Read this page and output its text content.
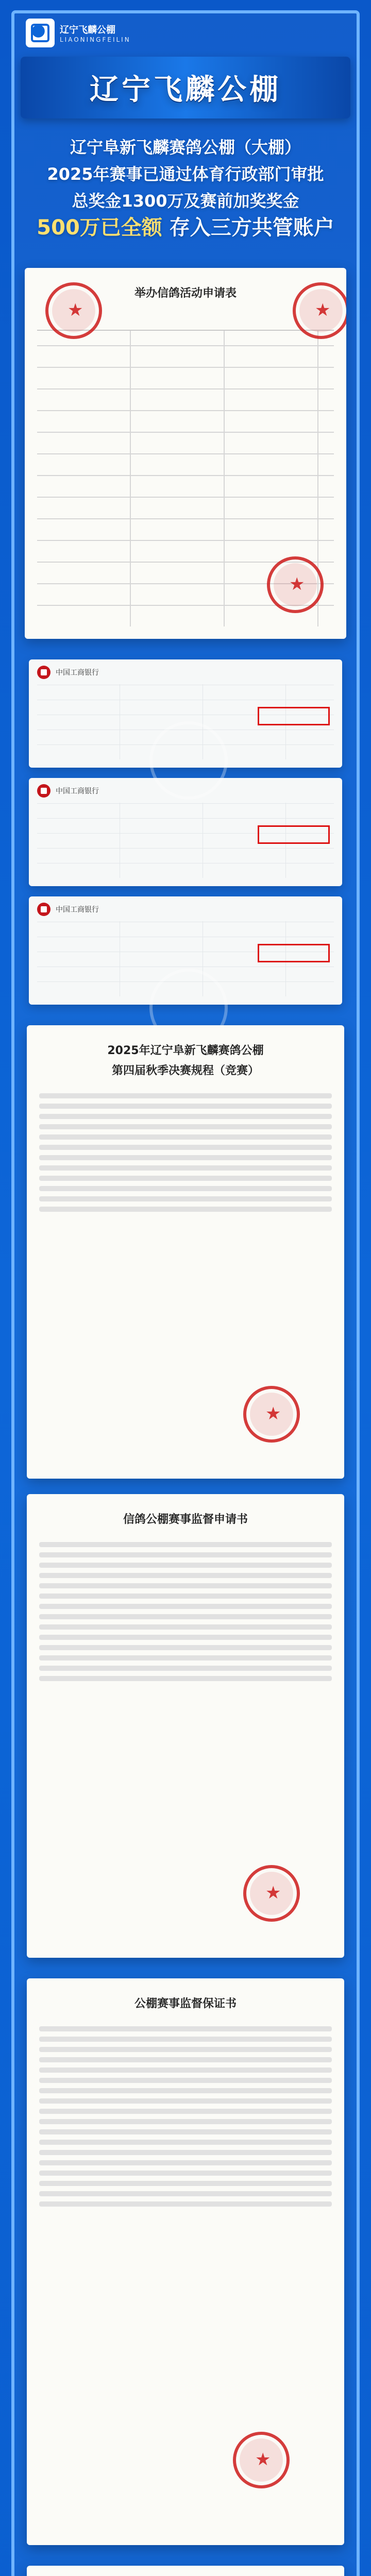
辽宁飞麟公棚
LIAONINGFEILIN
辽宁飞麟公棚
辽宁阜新飞麟赛鸽公棚（大棚）
2025年赛事已通过体育行政部门审批
总奖金1300万及赛前加奖奖金
500万已全额 存入三方共管账户
举办信鸽活动申请表
★
★
★
中国工商银行
中国工商银行
中国工商银行
2025年辽宁阜新飞麟赛鸽公棚
第四届秋季决赛规程（竞赛）
★
信鸽公棚赛事监督申请书
★
公棚赛事监督保证书
★
